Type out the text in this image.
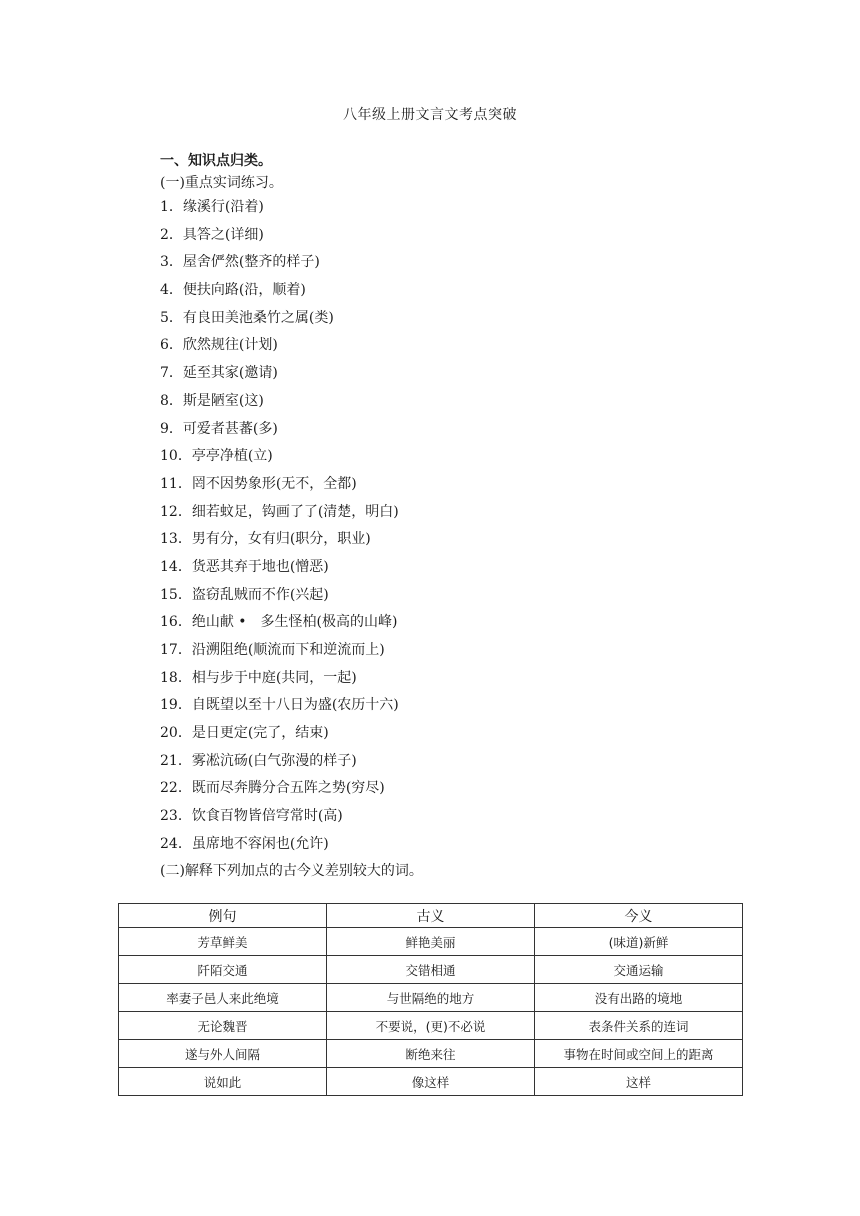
八年级上册文言文考点突破
一、知识点归类。
(一)重点实词练习。
1．缘溪行(沿着)
2．具答之(详细)
3．屋舍俨然(整齐的样子)
4．便扶向路(沿，顺着)
5．有良田美池桑竹之属(类)
6．欣然规往(计划)
7．延至其家(邀请)
8．斯是陋室(这)
9．可爱者甚蕃(多)
10．亭亭净植(立)
11．罔不因势象形(无不，全都)
12．细若蚊足，钩画了了(清楚，明白)
13．男有分，女有归(职分，职业)
14．货恶其弃于地也(憎恶)
15．盗窃乱贼而不作(兴起)
16．绝山献 •　多生怪柏(极高的山峰)
17．沿溯阻绝(顺流而下和逆流而上)
18．相与步于中庭(共同，一起)
19．自既望以至十八日为盛(农历十六)
20．是日更定(完了，结束)
21．雾凇沆砀(白气弥漫的样子)
22．既而尽奔腾分合五阵之势(穷尽)
23．饮食百物皆倍穹常时(高)
24．虽席地不容闲也(允许)
(二)解释下列加点的古今义差别较大的词。
例句	古义	今义
芳草鲜美	鲜艳美丽	(味道)新鲜
阡陌交通	交错相通	交通运输
率妻子邑人来此绝境	与世隔绝的地方	没有出路的境地
无论魏晋	不要说，(更)不必说	表条件关系的连词
遂与外人间隔	断绝来往	事物在时间或空间上的距离
说如此	像这样	这样
